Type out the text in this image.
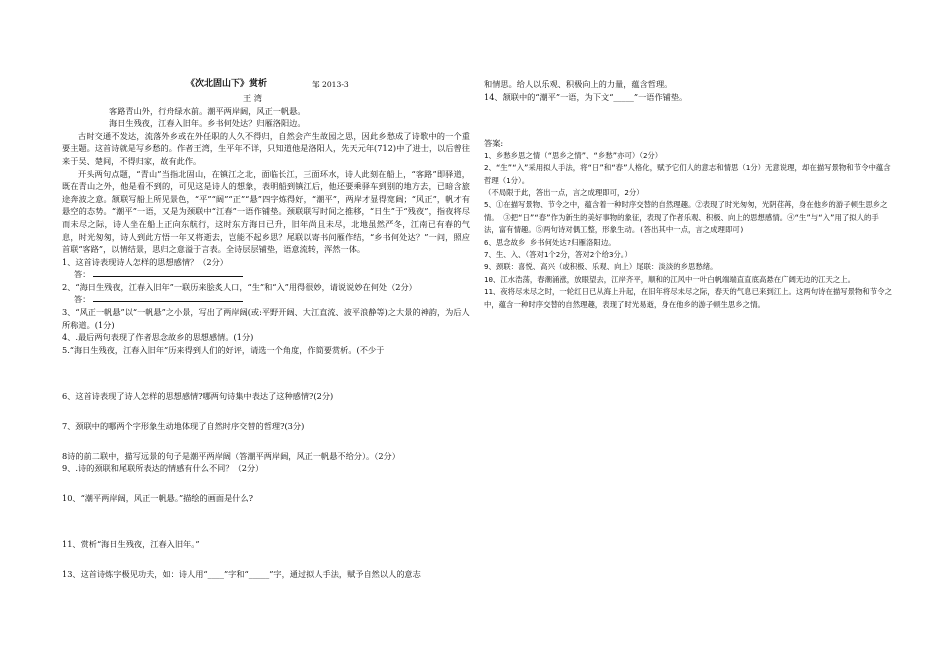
《次北固山下》赏析	邹 2013-3
王 湾
客路青山外，行舟绿水前。潮平两岸阔，风正一帆悬。
海日生残夜，江春入旧年。乡书何处达？归雁洛阳边。
古时交通不发达，流落外乡或在外任职的人久不得归，自然会产生故园之思，因此乡愁成了诗歌中的一个重要主题。这首诗就是写乡愁的。作者王湾，生平年不详，只知道他是洛阳人，先天元年(712)中了进士，以后曾往来于吴、楚间，不得归家，故有此作。
开头两句点题，“青山”当指北固山，在镇江之北，面临长江，三面环水，诗人此刻在船上，“客路”即驿道，既在青山之外，他是看不到的，可见这是诗人的想象，表明船到镇江后，他还要乘驿车到别的地方去，已暗含旅途奔波之意。颔联写船上所见景色，“平”“阔”“正”“悬”四字炼得好，“潮平”，两岸才显得宽阔；“风正”，帆才有悬空的态势。“潮平”一语，又是为颈联中“江春”一语作铺垫。颈联联写时间之推移，“日生”于“残夜”，指夜将尽而未尽之际，诗人坐在船上正向东航行，这时东方海日已升，旧年尚且未尽，北地虽然严冬，江南已有春的气息，时光匆匆，诗人到此方悟一年又将逝去，岂能不起乡思？尾联以寄书问雁作结，“乡书何处达？”一问，照应首联“客路”，以情结景，思归之意溢于言表。全诗层层铺垫，语意流转，浑然一体。
1、这首诗表现诗人怎样的思想感情？（2分）
答：
2、“海日生残夜，江春入旧年”一联历来脍炙人口，“生”和“入”用得很妙，请说说妙在何处（2分）
答：
3、“风正一帆悬”以“一帆悬”之小景，写出了两岸阔(或:平野开阔、大江直流、波平浪静等)之大景的神韵，为后人所称道。(1分)
4、.最后两句表现了作者思念故乡的思想感情。(1分)
5.“海日生残夜，江春入旧年”历来得到人们的好评，请选一个角度，作简要赏析。(不少于
6、这首诗表现了诗人怎样的思想感情?哪两句诗集中表达了这种感情?(2分)
7、颈联中的哪两个字形象生动地体现了自然时序交替的哲理?(3分)
8诗的前二联中，描写远景的句子是潮平两岸阔（答潮平两岸阔，风正一帆悬不给分）。（2分）
9、.诗的颈联和尾联所表达的情感有什么不同？（2分）
10、“潮平两岸阔，风正一帆悬。”描绘的画面是什么?
11、赏析“海日生残夜，江春入旧年。”
13、这首诗炼字极见功夫，如：诗人用“____”字和“_____”字，通过拟人手法，赋予自然以人的意志
和情思。给人以乐观、积极向上的力量，蕴含哲理。
14、颔联中的“潮平”一语，为下文“_____”一语作铺垫。
答案:
1、乡愁乡思之情（“思乡之情”、“乡愁”亦可）（2分）
2、“生”“入”采用拟人手法，将“日”和“春”人格化，赋予它们人的意志和情思（1分）无意说理，却在描写景物和节令中蕴含哲理（1分）。
（不局限于此，答出一点，言之成理即可，2分）
5、①在描写景物、节令之中，蕴含着一种时序交替的自然理趣。②表现了时光匆匆，光阴荏苒，身在他乡的游子顿生思乡之情。 ③把“日”“春”作为新生的美好事物的象征，表现了作者乐观、积极、向上的思想感情。④“生”与“入”用了拟人的手法，富有情趣。⑤两句诗对偶工整，形象生动。(答出其中一点，言之成理即可)
6、思念故乡 乡书何处达?归雁洛阳边。
7、生、入、（答对1个2分，答对2个给3分。）
9、颈联：喜悦、高兴（或积极、乐观、向上）尾联：淡淡的乡思愁绪。
10、江水浩荡，春潮涌涨，放眼望去，江岸齐平，顺和的江风中一叶白帆端端直直底高悬在广阔无边的江天之上。
11、夜将尽未尽之时，一轮红日已从海上升起，在旧年将尽未尽之际，春天的气息已来到江上。这两句诗在描写景物和节令之中，蕴含一种时序交替的自然理趣，表现了时光易逝，身在他乡的游子顿生思乡之情。
